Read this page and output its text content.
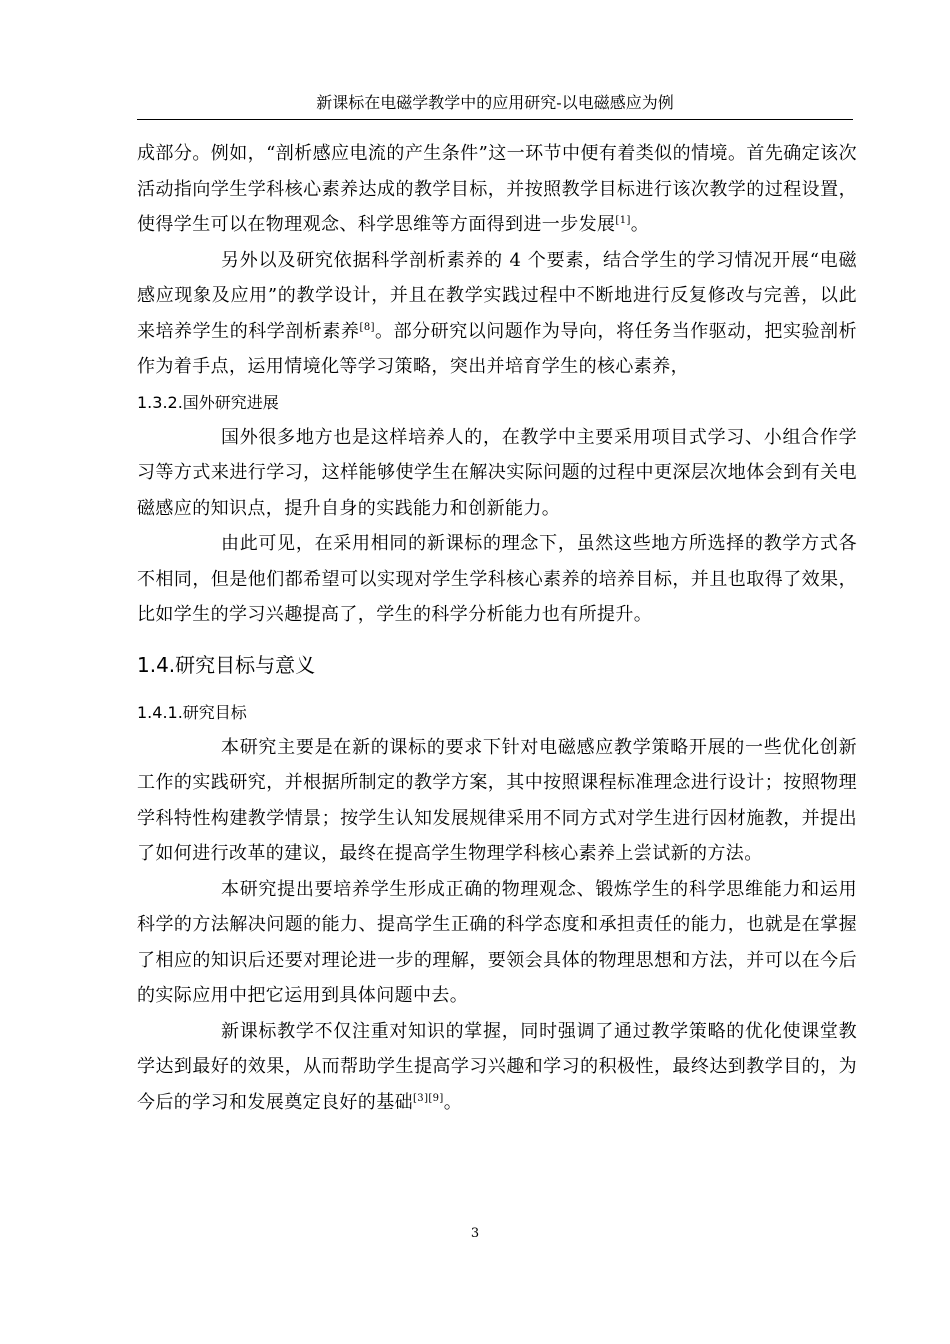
新课标在电磁学教学中的应用研究-以电磁感应为例

成部分。例如，“剖析感应电流的产生条件”这一环节中便有着类似的情境。首先确定该次活动指向学生学科核心素养达成的教学目标，并按照教学目标进行该次教学的过程设置，使得学生可以在物理观念、科学思维等方面得到进一步发展[1]。

另外以及研究依据科学剖析素养的 4 个要素，结合学生的学习情况开展“电磁感应现象及应用”的教学设计，并且在教学实践过程中不断地进行反复修改与完善，以此来培养学生的科学剖析素养[8]。部分研究以问题作为导向，将任务当作驱动，把实验剖析作为着手点，运用情境化等学习策略，突出并培育学生的核心素养，

1.3.2.国外研究进展

国外很多地方也是这样培养人的，在教学中主要采用项目式学习、小组合作学习等方式来进行学习，这样能够使学生在解决实际问题的过程中更深层次地体会到有关电磁感应的知识点，提升自身的实践能力和创新能力。

由此可见，在采用相同的新课标的理念下，虽然这些地方所选择的教学方式各不相同，但是他们都希望可以实现对学生学科核心素养的培养目标，并且也取得了效果，比如学生的学习兴趣提高了，学生的科学分析能力也有所提升。

1.4.研究目标与意义
1.4.1.研究目标

本研究主要是在新的课标的要求下针对电磁感应教学策略开展的一些优化创新工作的实践研究，并根据所制定的教学方案，其中按照课程标准理念进行设计；按照物理学科特性构建教学情景；按学生认知发展规律采用不同方式对学生进行因材施教，并提出了如何进行改革的建议，最终在提高学生物理学科核心素养上尝试新的方法。

本研究提出要培养学生形成正确的物理观念、锻炼学生的科学思维能力和运用科学的方法解决问题的能力、提高学生正确的科学态度和承担责任的能力，也就是在掌握了相应的知识后还要对理论进一步的理解，要领会具体的物理思想和方法，并可以在今后的实际应用中把它运用到具体问题中去。

新课标教学不仅注重对知识的掌握，同时强调了通过教学策略的优化使课堂教学达到最好的效果，从而帮助学生提高学习兴趣和学习的积极性，最终达到教学目的，为今后的学习和发展奠定良好的基础[3][9]。

3
